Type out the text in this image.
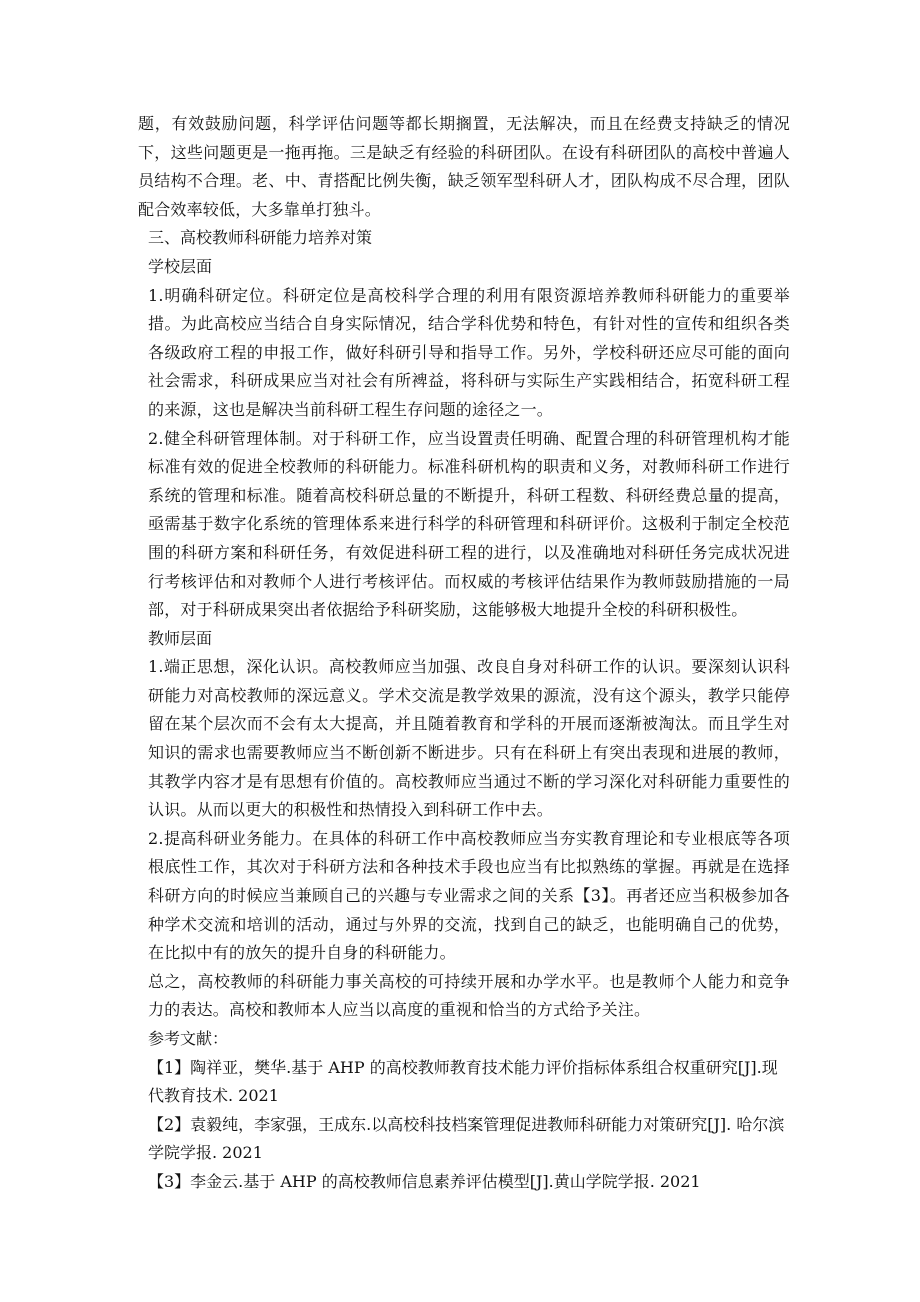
题，有效鼓励问题，科学评估问题等都长期搁置，无法解决，而且在经费支持缺乏的情况下，这些问题更是一拖再拖。三是缺乏有经验的科研团队。在设有科研团队的高校中普遍人员结构不合理。老、中、青搭配比例失衡，缺乏领军型科研人才，团队构成不尽合理，团队配合效率较低，大多靠单打独斗。

三、高校教师科研能力培养对策

学校层面

1.明确科研定位。科研定位是高校科学合理的利用有限资源培养教师科研能力的重要举措。为此高校应当结合自身实际情况，结合学科优势和特色，有针对性的宣传和组织各类各级政府工程的申报工作，做好科研引导和指导工作。另外，学校科研还应尽可能的面向社会需求，科研成果应当对社会有所裨益，将科研与实际生产实践相结合，拓宽科研工程的来源，这也是解决当前科研工程生存问题的途径之一。

2.健全科研管理体制。对于科研工作，应当设置责任明确、配置合理的科研管理机构才能标准有效的促进全校教师的科研能力。标准科研机构的职责和义务，对教师科研工作进行系统的管理和标准。随着高校科研总量的不断提升，科研工程数、科研经费总量的提高，亟需基于数字化系统的管理体系来进行科学的科研管理和科研评价。这极利于制定全校范围的科研方案和科研任务，有效促进科研工程的进行，以及准确地对科研任务完成状况进行考核评估和对教师个人进行考核评估。而权威的考核评估结果作为教师鼓励措施的一局部，对于科研成果突出者依据给予科研奖励，这能够极大地提升全校的科研积极性。

教师层面

1.端正思想，深化认识。高校教师应当加强、改良自身对科研工作的认识。要深刻认识科研能力对高校教师的深远意义。学术交流是教学效果的源流，没有这个源头，教学只能停留在某个层次而不会有太大提高，并且随着教育和学科的开展而逐渐被淘汰。而且学生对知识的需求也需要教师应当不断创新不断进步。只有在科研上有突出表现和进展的教师，其教学内容才是有思想有价值的。高校教师应当通过不断的学习深化对科研能力重要性的认识。从而以更大的积极性和热情投入到科研工作中去。

2.提高科研业务能力。在具体的科研工作中高校教师应当夯实教育理论和专业根底等各项根底性工作，其次对于科研方法和各种技术手段也应当有比拟熟练的掌握。再就是在选择科研方向的时候应当兼顾自己的兴趣与专业需求之间的关系【3】。再者还应当积极参加各种学术交流和培训的活动，通过与外界的交流，找到自己的缺乏，也能明确自己的优势，在比拟中有的放矢的提升自身的科研能力。

总之，高校教师的科研能力事关高校的可持续开展和办学水平。也是教师个人能力和竞争力的表达。高校和教师本人应当以高度的重视和恰当的方式给予关注。

参考文献：

【1】陶祥亚，樊华.基于 AHP 的高校教师教育技术能力评价指标体系组合权重研究[J].现代教育技术. 2021

【2】袁毅纯，李家强，王成东.以高校科技档案管理促进教师科研能力对策研究[J]. 哈尔滨学院学报. 2021

【3】李金云.基于 AHP 的高校教师信息素养评估模型[J].黄山学院学报. 2021
